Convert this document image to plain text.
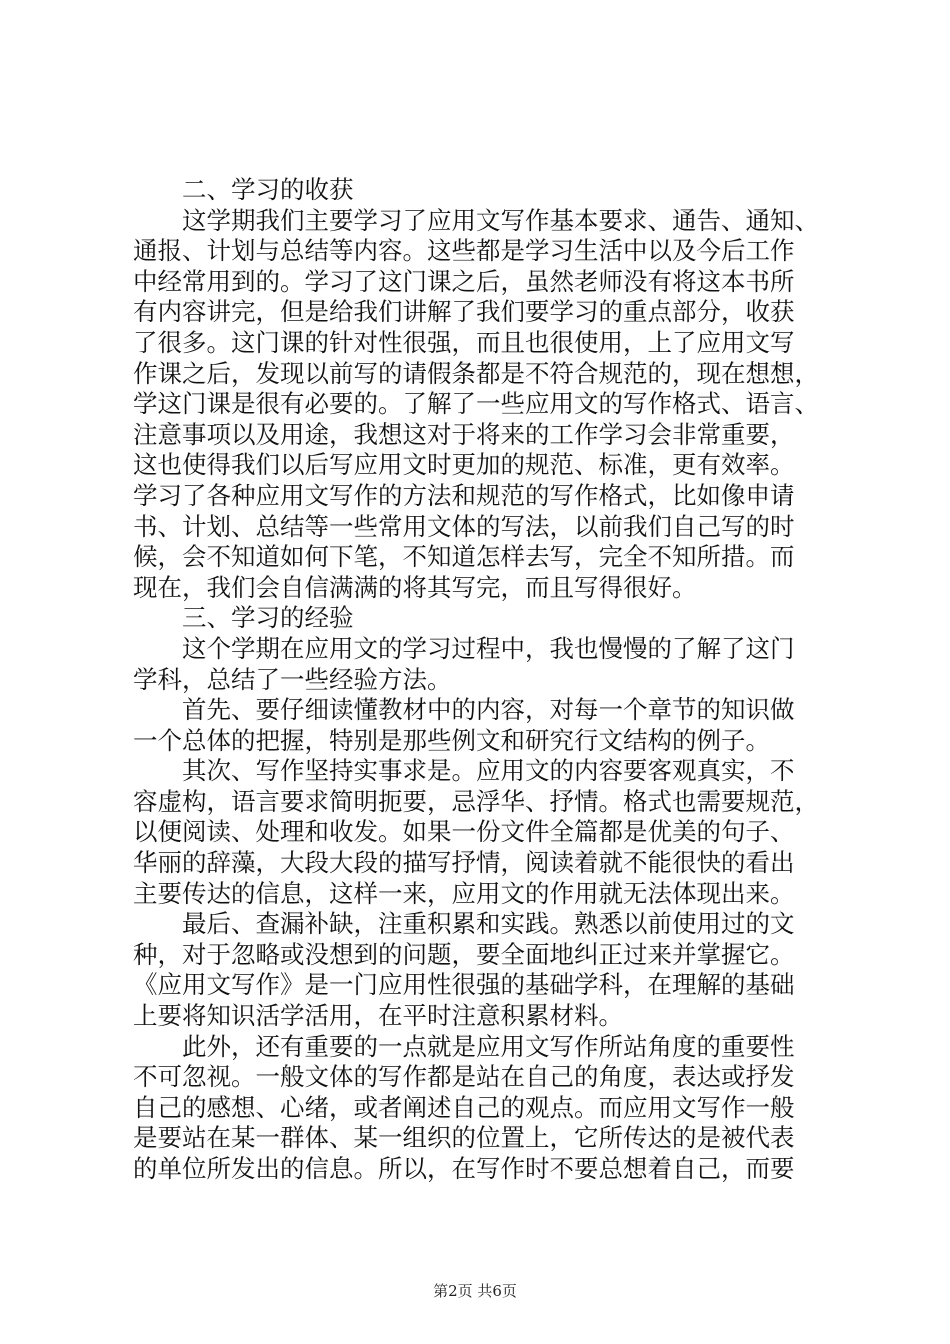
二、学习的收获
这学期我们主要学习了应用文写作基本要求、通告、通知、
通报、计划与总结等内容。这些都是学习生活中以及今后工作
中经常用到的。学习了这门课之后，虽然老师没有将这本书所
有内容讲完，但是给我们讲解了我们要学习的重点部分，收获
了很多。这门课的针对性很强，而且也很使用，上了应用文写
作课之后，发现以前写的请假条都是不符合规范的，现在想想，
学这门课是很有必要的。了解了一些应用文的写作格式、语言、
注意事项以及用途，我想这对于将来的工作学习会非常重要，
这也使得我们以后写应用文时更加的规范、标准，更有效率。
学习了各种应用文写作的方法和规范的写作格式，比如像申请
书、计划、总结等一些常用文体的写法，以前我们自己写的时
候，会不知道如何下笔，不知道怎样去写，完全不知所措。而
现在，我们会自信满满的将其写完，而且写得很好。
三、学习的经验
这个学期在应用文的学习过程中，我也慢慢的了解了这门
学科，总结了一些经验方法。
首先、要仔细读懂教材中的内容，对每一个章节的知识做
一个总体的把握，特别是那些例文和研究行文结构的例子。
其次、写作坚持实事求是。应用文的内容要客观真实，不
容虚构，语言要求简明扼要，忌浮华、抒情。格式也需要规范，
以便阅读、处理和收发。如果一份文件全篇都是优美的句子、
华丽的辞藻，大段大段的描写抒情，阅读着就不能很快的看出
主要传达的信息，这样一来，应用文的作用就无法体现出来。
最后、查漏补缺，注重积累和实践。熟悉以前使用过的文
种，对于忽略或没想到的问题，要全面地纠正过来并掌握它。
《应用文写作》是一门应用性很强的基础学科，在理解的基础
上要将知识活学活用，在平时注意积累材料。
此外，还有重要的一点就是应用文写作所站角度的重要性
不可忽视。一般文体的写作都是站在自己的角度，表达或抒发
自己的感想、心绪，或者阐述自己的观点。而应用文写作一般
是要站在某一群体、某一组织的位置上，它所传达的是被代表
的单位所发出的信息。所以，在写作时不要总想着自己，而要
第2页 共6页
